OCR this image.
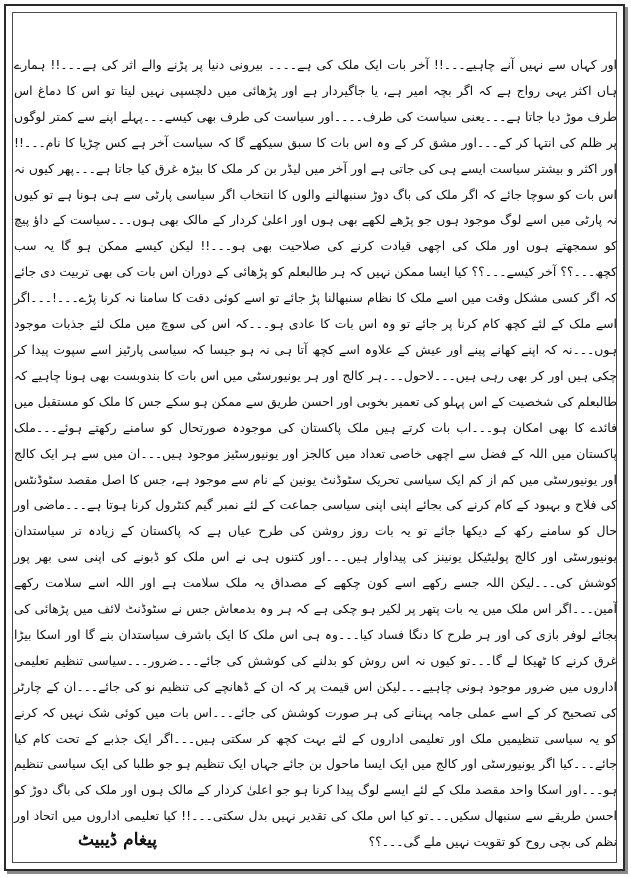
اور کہاں سے نہیں آنے چاہیے۔۔۔!! آخر بات ایک ملک کی ہے۔۔۔۔ بیرونی دنیا پر پڑنے والے اثر کی ہے۔۔۔!! ہمارے ہاں اکثر یہی رواج ہے کہ اگر بچہ امیر ہے، یا جاگیردار ہے اور پڑھائی میں دلچسپی نہیں لیتا تو اس کا دماغ اس طرف موڑ دیا جاتا ہے۔۔۔یعنی سیاست کی طرف۔۔۔۔اور سیاست کی طرف بھی کیسے۔۔۔پہلے اپنے سے کمتر لوگوں پر ظلم کی انتہا کر کے۔۔۔اور مشق کر کے وہ اس بات کا سبق سیکھے گا کہ سیاست آخر ہے کس چڑیا کا نام۔۔۔!! اور اکثر و بیشتر سیاست ایسے ہی کی جاتی ہے اور آخر میں لیڈر بن کر ملک کا بیڑہ غرق کیا جاتا ہے۔۔۔پھر کیوں نہ اس بات کو سوچا جائے کہ اگر ملک کی باگ دوڑ سنبھالنے والوں کا انتخاب اگر سیاسی پارٹی سے ہی ہونا ہے تو کیوں نہ پارٹی میں اسے لوگ موجود ہوں جو پڑھے لکھے بھی ہوں اور اعلیٰ کردار کے مالک بھی ہوں۔۔۔سیاست کے داؤ پیچ کو سمجھتے ہوں اور ملک کی اچھی قیادت کرنے کی صلاحیت بھی ہو۔۔۔!! لیکن کیسے ممکن ہو گا یہ سب کچھ۔۔۔؟؟ آخر کیسے۔۔۔؟؟ کیا ایسا ممکن نہیں کہ ہر طالبعلم کو پڑھائی کے دوران اس بات کی بھی تربیت دی جائے کہ اگر کسی مشکل وقت میں اسے ملک کا نظام سنبھالنا پڑ جائے تو اسے کوئی دقت کا سامنا نہ کرنا پڑے۔۔۔!۔۔۔اگر اسے ملک کے لئے کچھ کام کرنا پر جائے تو وہ اس بات کا عادی ہو۔۔۔کہ اس کی سوچ میں ملک لئے جذبات موجود ہوں۔۔۔نہ کہ اپنے کھانے پینے اور عیش کے علاوہ اسے کچھ آتا ہی نہ ہو جیسا کہ سیاسی پارٹیز اسے سپوت پیدا کر چکی ہیں اور کر بھی رہی ہیں۔۔۔لاحول۔۔۔ہر کالج اور ہر یونیورسٹی میں اس بات کا بندوبست بھی ہونا چاہیے کہ طالبعلم کی شخصیت کے اس پہلو کی تعمیر بخوبی اور احسن طریق سے ممکن ہو سکے جس کا ملک کو مستقبل میں فائدے کا بھی امکان ہو۔۔۔اب بات کرتے ہیں ملک پاکستان کی موجودہ صورتحال کو سامنے رکھتے ہوئے۔۔۔ملک پاکستان میں اللہ کے فضل سے اچھی خاصی تعداد میں کالجز اور یونیورسٹیز موجود ہیں۔۔۔ان میں سے ہر ایک کالج اور یونیورسٹی میں کم از کم ایک سیاسی تحریک سٹوڈنٹ یونین کے نام سے موجود ہے، جس کا اصل مقصد سٹوڈنٹس کی فلاح و بہبود کے کام کرنے کی بجائے اپنی اپنی سیاسی جماعت کے لئے نمبر گیم کنٹرول کرنا ہوتا ہے۔۔۔ماضی اور حال کو سامنے رکھ کے دیکھا جائے تو یہ بات روز روشن کی طرح عیاں ہے کہ پاکستان کے زیادہ تر سیاستدان یونیورسٹی اور کالج پولیٹیکل یونینز کی پیداوار ہیں۔۔۔اور کتنوں ہی نے اس ملک کو ڈبونے کی اپنی سی بھر پور کوشش کی۔۔۔لیکن اللہ جسے رکھے اسے کون چکھے کے مصداق یہ ملک سلامت ہے اور اللہ اسے سلامت رکھے آمین۔۔۔اگر اس ملک میں یہ بات پتھر پر لکیر ہو چکی ہے کہ ہر وہ بدمعاش جس نے سٹوڈنٹ لائف میں پڑھائی کی بجائے لوفر بازی کی اور ہر طرح کا دنگا فساد کیا۔۔۔وہ ہی اس ملک کا ایک باشرف سیاستدان بنے گا اور اسکا بیڑا غرق کرنے کا ٹھیکا لے گا۔۔۔تو کیوں نہ اس روش کو بدلنے کی کوشش کی جائے۔۔۔ضرور۔۔۔سیاسی تنظیم تعلیمی اداروں میں ضرور موجود ہونی چاہیے۔۔۔لیکن اس قیمت پر کہ ان کے ڈھانچے کی تنظیم نو کی جائے۔۔۔ان کے چارٹر کی تصحیح کر کے اسے عملی جامہ پہنانے کی ہر صورت کوشش کی جائے۔۔۔اس بات میں کوئی شک نہیں کہ کرنے کو یہ سیاسی تنظیمیں ملک اور تعلیمی اداروں کے لئے بہت کچھ کر سکتی ہیں۔۔۔اگر ایک جذبے کے تحت کام کیا جائے۔۔۔کیا اگر یونیورسٹی اور کالج میں ایک ایسا ماحول بن جائے جہاں ایک تنظیم ہو جو طلبا کی ایک سیاسی تنظیم ہو۔۔۔اور اسکا واحد مقصد ملک کے لئے ایسے لوگ پیدا کرنا ہو جو اعلیٰ کردار کے مالک ہوں اور ملک کی باگ دوڑ کو احسن طریقے سے سنبھال سکیں۔۔۔تو کیا اس ملک کی تقدیر نہیں بدل سکتی۔۔۔!! کیا تعلیمی اداروں میں اتحاد اور نظم کی بچی روح کو تقویت نہیں ملے گی۔۔۔؟؟

پیغام ڈیبیٹ
